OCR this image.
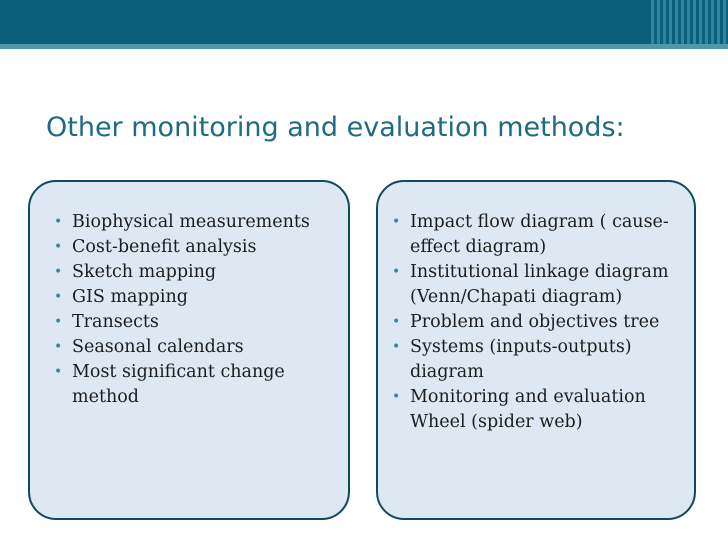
Other monitoring and evaluation methods:
• Biophysical measurements
• Cost-benefit analysis
• Sketch mapping
• GIS mapping
• Transects
• Seasonal calendars
• Most significant change method
• Impact flow diagram ( cause-effect diagram)
• Institutional linkage diagram (Venn/Chapati diagram)
• Problem and objectives tree
• Systems (inputs-outputs) diagram
• Monitoring and evaluation Wheel (spider web)
